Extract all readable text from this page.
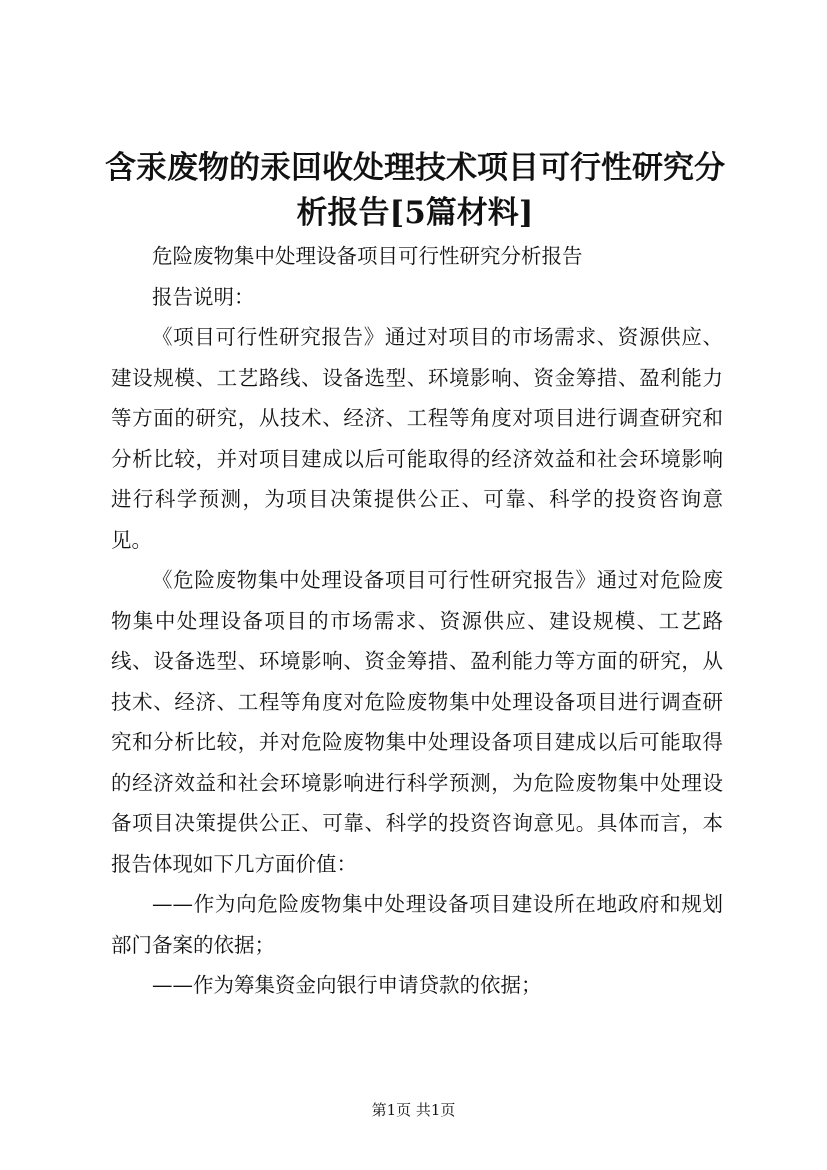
含汞废物的汞回收处理技术项目可行性研究分析报告[5篇材料]

危险废物集中处理设备项目可行性研究分析报告

报告说明：

《项目可行性研究报告》通过对项目的市场需求、资源供应、建设规模、工艺路线、设备选型、环境影响、资金筹措、盈利能力等方面的研究，从技术、经济、工程等角度对项目进行调查研究和分析比较，并对项目建成以后可能取得的经济效益和社会环境影响进行科学预测，为项目决策提供公正、可靠、科学的投资咨询意见。

《危险废物集中处理设备项目可行性研究报告》通过对危险废物集中处理设备项目的市场需求、资源供应、建设规模、工艺路线、设备选型、环境影响、资金筹措、盈利能力等方面的研究，从技术、经济、工程等角度对危险废物集中处理设备项目进行调查研究和分析比较，并对危险废物集中处理设备项目建成以后可能取得的经济效益和社会环境影响进行科学预测，为危险废物集中处理设备项目决策提供公正、可靠、科学的投资咨询意见。具体而言，本报告体现如下几方面价值：

——作为向危险废物集中处理设备项目建设所在地政府和规划部门备案的依据；

——作为筹集资金向银行申请贷款的依据；

第1页 共1页
